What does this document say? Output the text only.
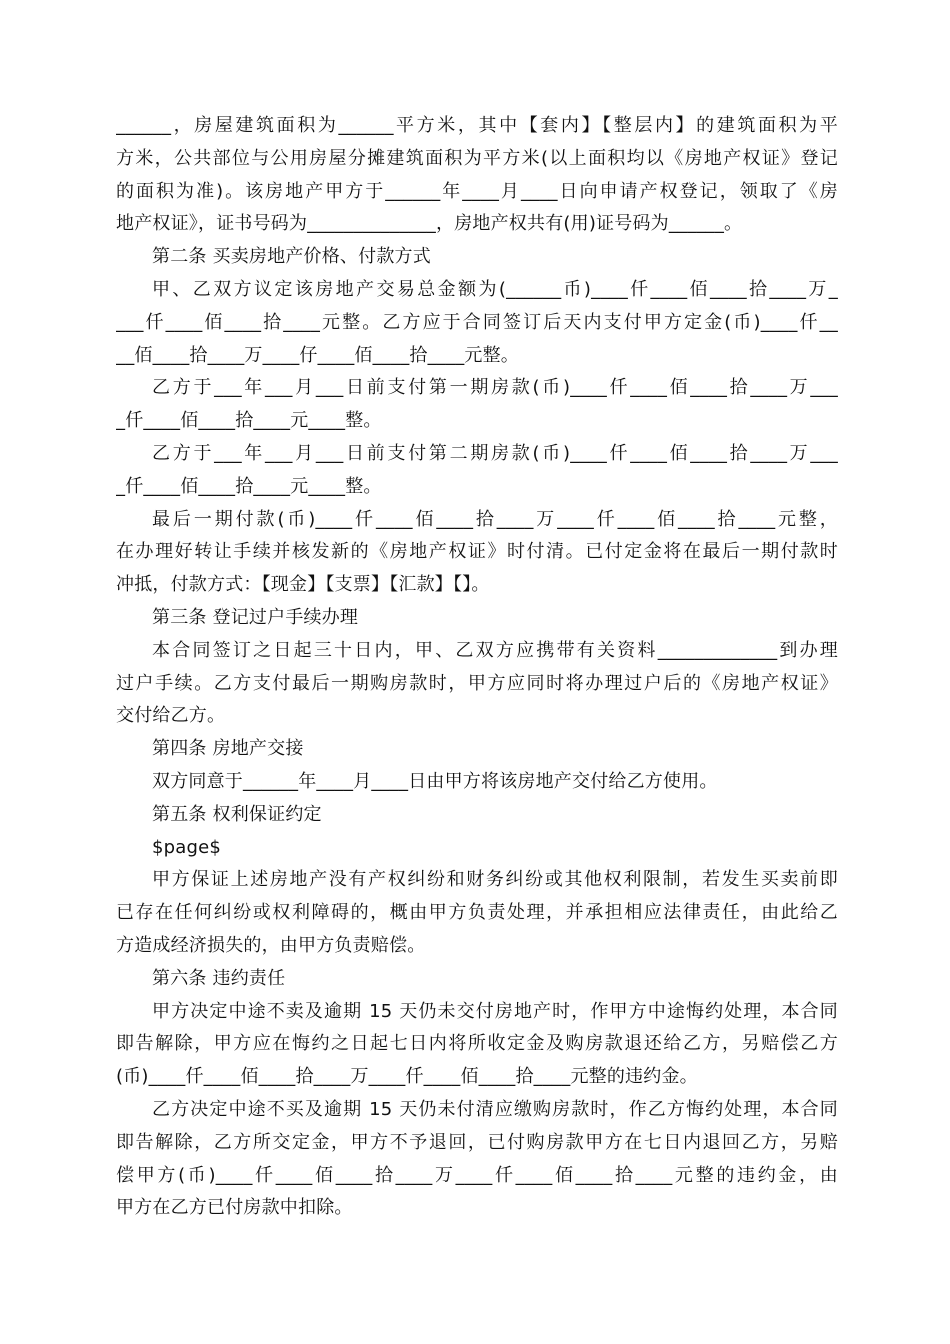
______，房屋建筑面积为______平方米，其中【套内】【整层内】的建筑面积为平
方米，公共部位与公用房屋分摊建筑面积为平方米(以上面积均以《房地产权证》登记
的面积为准)。该房地产甲方于______年____月____日向申请产权登记，领取了《房
地产权证》，证书号码为______________，房地产权共有(用)证号码为______。
第二条 买卖房地产价格、付款方式
甲、乙双方议定该房地产交易总金额为(______币)____仟____佰____拾____万_
___仟____佰____拾____元整。乙方应于合同签订后天内支付甲方定金(币)____仟__
__佰____拾____万____仔____佰____拾____元整。
乙方于___年___月___日前支付第一期房款(币)____仟____佰____拾____万___
_仟____佰____拾____元____整。
乙方于___年___月___日前支付第二期房款(币)____仟____佰____拾____万___
_仟____佰____拾____元____整。
最后一期付款(币)____仟____佰____拾____万____仟____佰____拾____元整，
在办理好转让手续并核发新的《房地产权证》时付清。已付定金将在最后一期付款时
冲抵，付款方式：【现金】【支票】【汇款】【】。
第三条 登记过户手续办理
本合同签订之日起三十日内，甲、乙双方应携带有关资料_____________到办理
过户手续。乙方支付最后一期购房款时，甲方应同时将办理过户后的《房地产权证》
交付给乙方。
第四条 房地产交接
双方同意于______年____月____日由甲方将该房地产交付给乙方使用。
第五条 权利保证约定
$page$
甲方保证上述房地产没有产权纠纷和财务纠纷或其他权利限制，若发生买卖前即
已存在任何纠纷或权利障碍的，概由甲方负责处理，并承担相应法律责任，由此给乙
方造成经济损失的，由甲方负责赔偿。
第六条 违约责任
甲方决定中途不卖及逾期 15 天仍未交付房地产时，作甲方中途悔约处理，本合同
即告解除，甲方应在悔约之日起七日内将所收定金及购房款退还给乙方，另赔偿乙方
(币)____仟____佰____拾____万____仟____佰____拾____元整的违约金。
乙方决定中途不买及逾期 15 天仍未付清应缴购房款时，作乙方悔约处理，本合同
即告解除，乙方所交定金，甲方不予退回，已付购房款甲方在七日内退回乙方，另赔
偿甲方(币)____仟____佰____拾____万____仟____佰____拾____元整的违约金，由
甲方在乙方已付房款中扣除。
